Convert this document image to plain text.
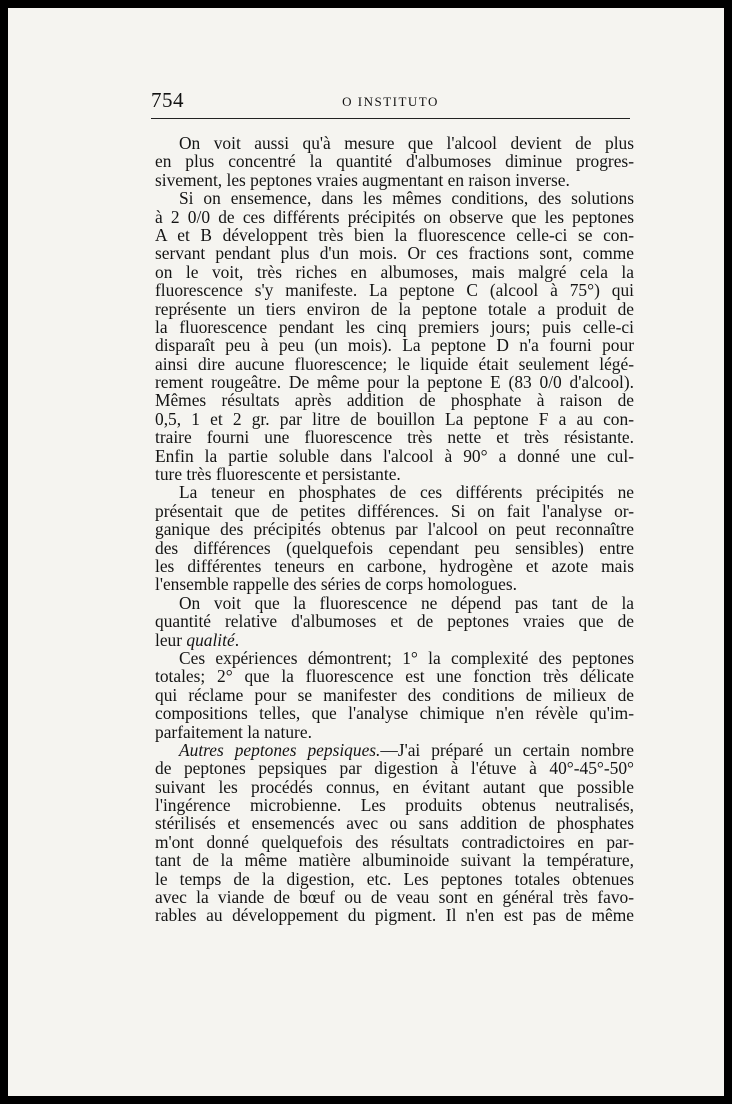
754	O INSTITUTO
On voit aussi qu'à mesure que l'alcool devient de plus
en plus concentré la quantité d'albumoses diminue progres-
sivement, les peptones vraies augmentant en raison inverse.
Si on ensemence, dans les mêmes conditions, des solutions
à 2 0/0 de ces différents précipités on observe que les peptones
A et B développent très bien la fluorescence celle-ci se con-
servant pendant plus d'un mois. Or ces fractions sont, comme
on le voit, très riches en albumoses, mais malgré cela la
fluorescence s'y manifeste. La peptone C (alcool à 75°) qui
représente un tiers environ de la peptone totale a produit de
la fluorescence pendant les cinq premiers jours; puis celle-ci
disparaît peu à peu (un mois). La peptone D n'a fourni pour
ainsi dire aucune fluorescence; le liquide était seulement légé-
rement rougeâtre. De même pour la peptone E (83 0/0 d'alcool).
Mêmes résultats après addition de phosphate à raison de
0,5, 1 et 2 gr. par litre de bouillon La peptone F a au con-
traire fourni une fluorescence très nette et très résistante.
Enfin la partie soluble dans l'alcool à 90° a donné une cul-
ture très fluorescente et persistante.
La teneur en phosphates de ces différents précipités ne
présentait que de petites différences. Si on fait l'analyse or-
ganique des précipités obtenus par l'alcool on peut reconnaître
des différences (quelquefois cependant peu sensibles) entre
les différentes teneurs en carbone, hydrogène et azote mais
l'ensemble rappelle des séries de corps homologues.
On voit que la fluorescence ne dépend pas tant de la
quantité relative d'albumoses et de peptones vraies que de
leur qualité.
Ces expériences démontrent; 1° la complexité des peptones
totales; 2° que la fluorescence est une fonction très délicate
qui réclame pour se manifester des conditions de milieux de
compositions telles, que l'analyse chimique n'en révèle qu'im-
parfaitement la nature.
Autres peptones pepsiques.—J'ai préparé un certain nombre
de peptones pepsiques par digestion à l'étuve à 40°-45°-50°
suivant les procédés connus, en évitant autant que possible
l'ingérence microbienne. Les produits obtenus neutralisés,
stérilisés et ensemencés avec ou sans addition de phosphates
m'ont donné quelquefois des résultats contradictoires en par-
tant de la même matière albuminoide suivant la température,
le temps de la digestion, etc. Les peptones totales obtenues
avec la viande de bœuf ou de veau sont en général très favo-
rables au développement du pigment. Il n'en est pas de même
